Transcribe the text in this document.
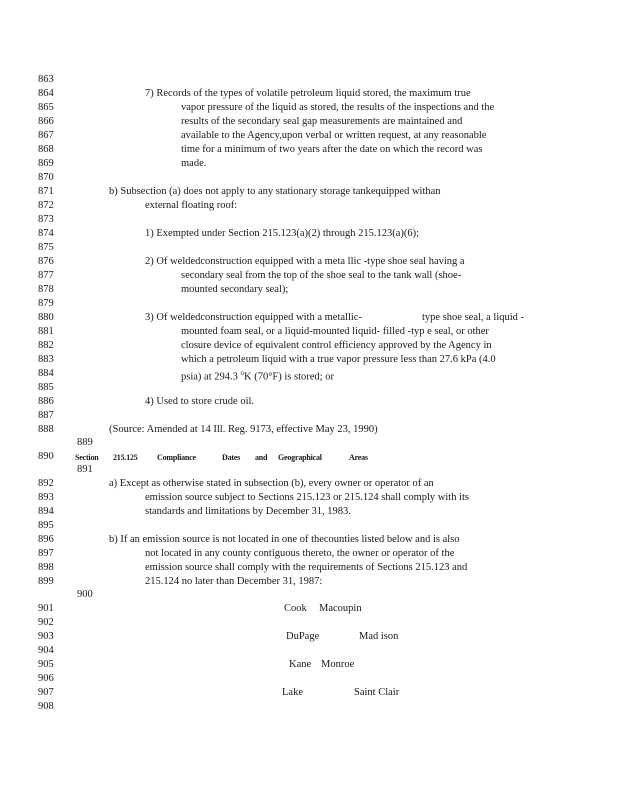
863
864
865
866
867
868
869
870
871
872
873
874
875
876
877
878
879
880
881
882
883
884
885
886
887
888
889
890
891
892
893
894
895
896
897
898
899
900
901
902
903
904
905
906
907
908
7) Records of the types of volatile petroleum liquid stored, the maximum true
vapor pressure of the liquid as stored, the results of the inspections and the
results of the secondary seal gap measurements are maintained and
available to the Agency,upon verbal or written request, at any reasonable
time for a minimum of two years after the date on which the record was
made.
b) Subsection (a) does not apply to any stationary storage tankequipped withan
external floating roof:
1) Exempted under Section 215.123(a)(2) through 215.123(a)(6);
2) Of weldedconstruction equipped with a meta llic -type shoe seal having a
secondary seal from the top of the shoe seal to the tank wall (shoe-
mounted secondary seal);
3) Of weldedconstruction equipped with a metallic-	type shoe seal, a liquid -
mounted foam seal, or a liquid-mounted liquid- filled -typ e seal, or other
closure device of equivalent control efficiency approved by the Agency in
which a petroleum liquid with a true vapor pressure less than 27.6 kPa (4.0
psia) at 294.3 $^o$K (70°F) is stored; or
4) Used to store crude oil.
(Source: Amended at 14 Ill. Reg. 9173, effective May 23, 1990)
Section 215.125 Compliance	Dates and Geographical	Areas
a) Except as otherwise stated in subsection (b), every owner or operator of an
emission source subject to Sections 215.123 or 215.124 shall comply with its
standards and limitations by December 31, 1983.
b) If an emission source is not located in one of thecounties listed below and is also
not located in any county contiguous thereto, the owner or operator of the
emission source shall comply with the requirements of Sections 215.123 and
215.124 no later than December 31, 1987:
Cook Macoupin
DuPage	Mad ison
Kane Monroe
Lake	Saint Clair
